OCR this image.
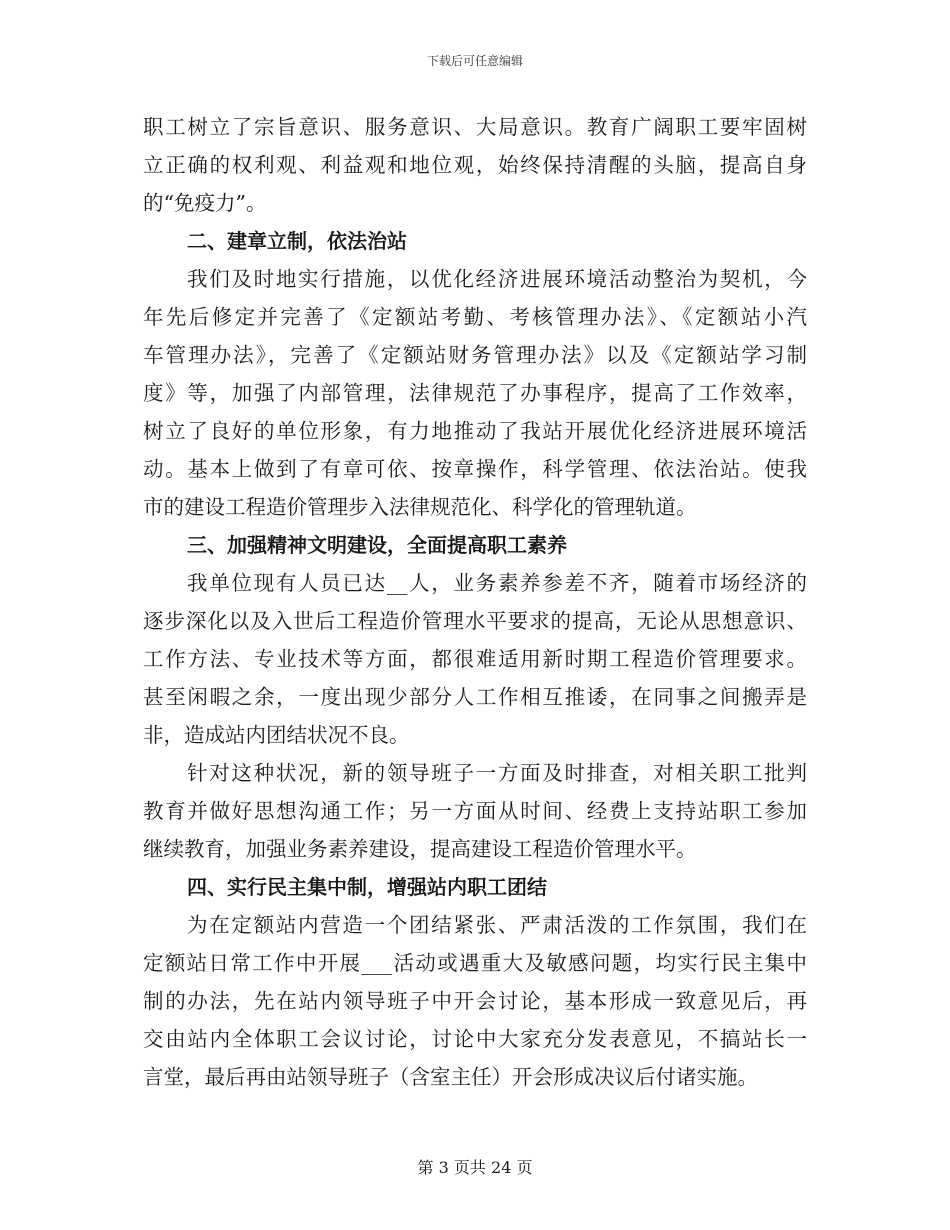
下载后可任意编辑
职工树立了宗旨意识、服务意识、大局意识。教育广阔职工要牢固树
立正确的权利观、利益观和地位观，始终保持清醒的头脑，提高自身
的“免疫力”。
二、建章立制，依法治站
我们及时地实行措施，以优化经济进展环境活动整治为契机，今
年先后修定并完善了《定额站考勤、考核管理办法》、《定额站小汽
车管理办法》，完善了《定额站财务管理办法》以及《定额站学习制
度》等，加强了内部管理，法律规范了办事程序，提高了工作效率，
树立了良好的单位形象，有力地推动了我站开展优化经济进展环境活
动。基本上做到了有章可依、按章操作，科学管理、依法治站。使我
市的建设工程造价管理步入法律规范化、科学化的管理轨道。
三、加强精神文明建设，全面提高职工素养
我单位现有人员已达__人，业务素养参差不齐，随着市场经济的
逐步深化以及入世后工程造价管理水平要求的提高，无论从思想意识、
工作方法、专业技术等方面，都很难适用新时期工程造价管理要求。
甚至闲暇之余，一度出现少部分人工作相互推诿，在同事之间搬弄是
非，造成站内团结状况不良。
针对这种状况，新的领导班子一方面及时排查，对相关职工批判
教育并做好思想沟通工作；另一方面从时间、经费上支持站职工参加
继续教育，加强业务素养建设，提高建设工程造价管理水平。
四、实行民主集中制，增强站内职工团结
为在定额站内营造一个团结紧张、严肃活泼的工作氛围，我们在
定额站日常工作中开展___活动或遇重大及敏感问题，均实行民主集中
制的办法，先在站内领导班子中开会讨论，基本形成一致意见后，再
交由站内全体职工会议讨论，讨论中大家充分发表意见，不搞站长一
言堂，最后再由站领导班子（含室主任）开会形成决议后付诸实施。
第 3 页共 24 页
